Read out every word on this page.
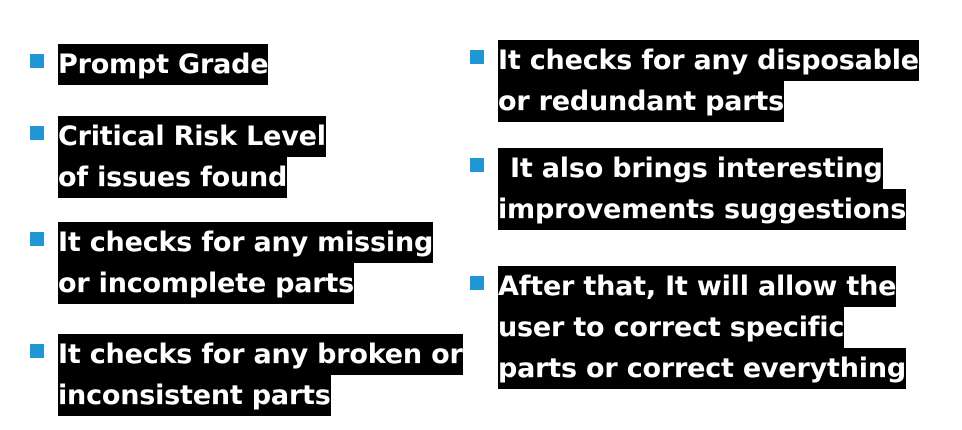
Prompt Grade
Critical Risk Level
of issues found
It checks for any missing
or incomplete parts
It checks for any broken or
inconsistent parts
It checks for any disposable
or redundant parts
It also brings interesting
improvements suggestions
After that, It will allow the
user to correct specific
parts or correct everything
